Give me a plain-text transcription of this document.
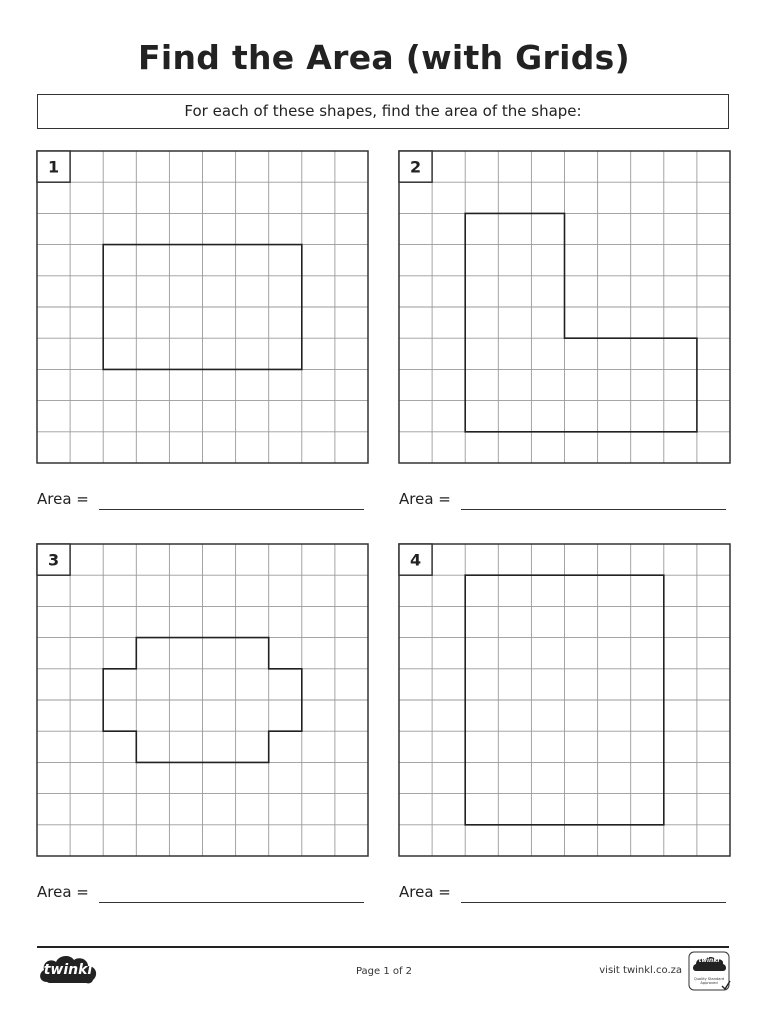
Find the Area (with Grids)
For each of these shapes, find the area of the shape:
1	2
3	4
Area =	Area =
Area =	Area =
twinkl	Page 1 of 2	visit twinkl.co.za
twinkl
Quality Standard Approved
